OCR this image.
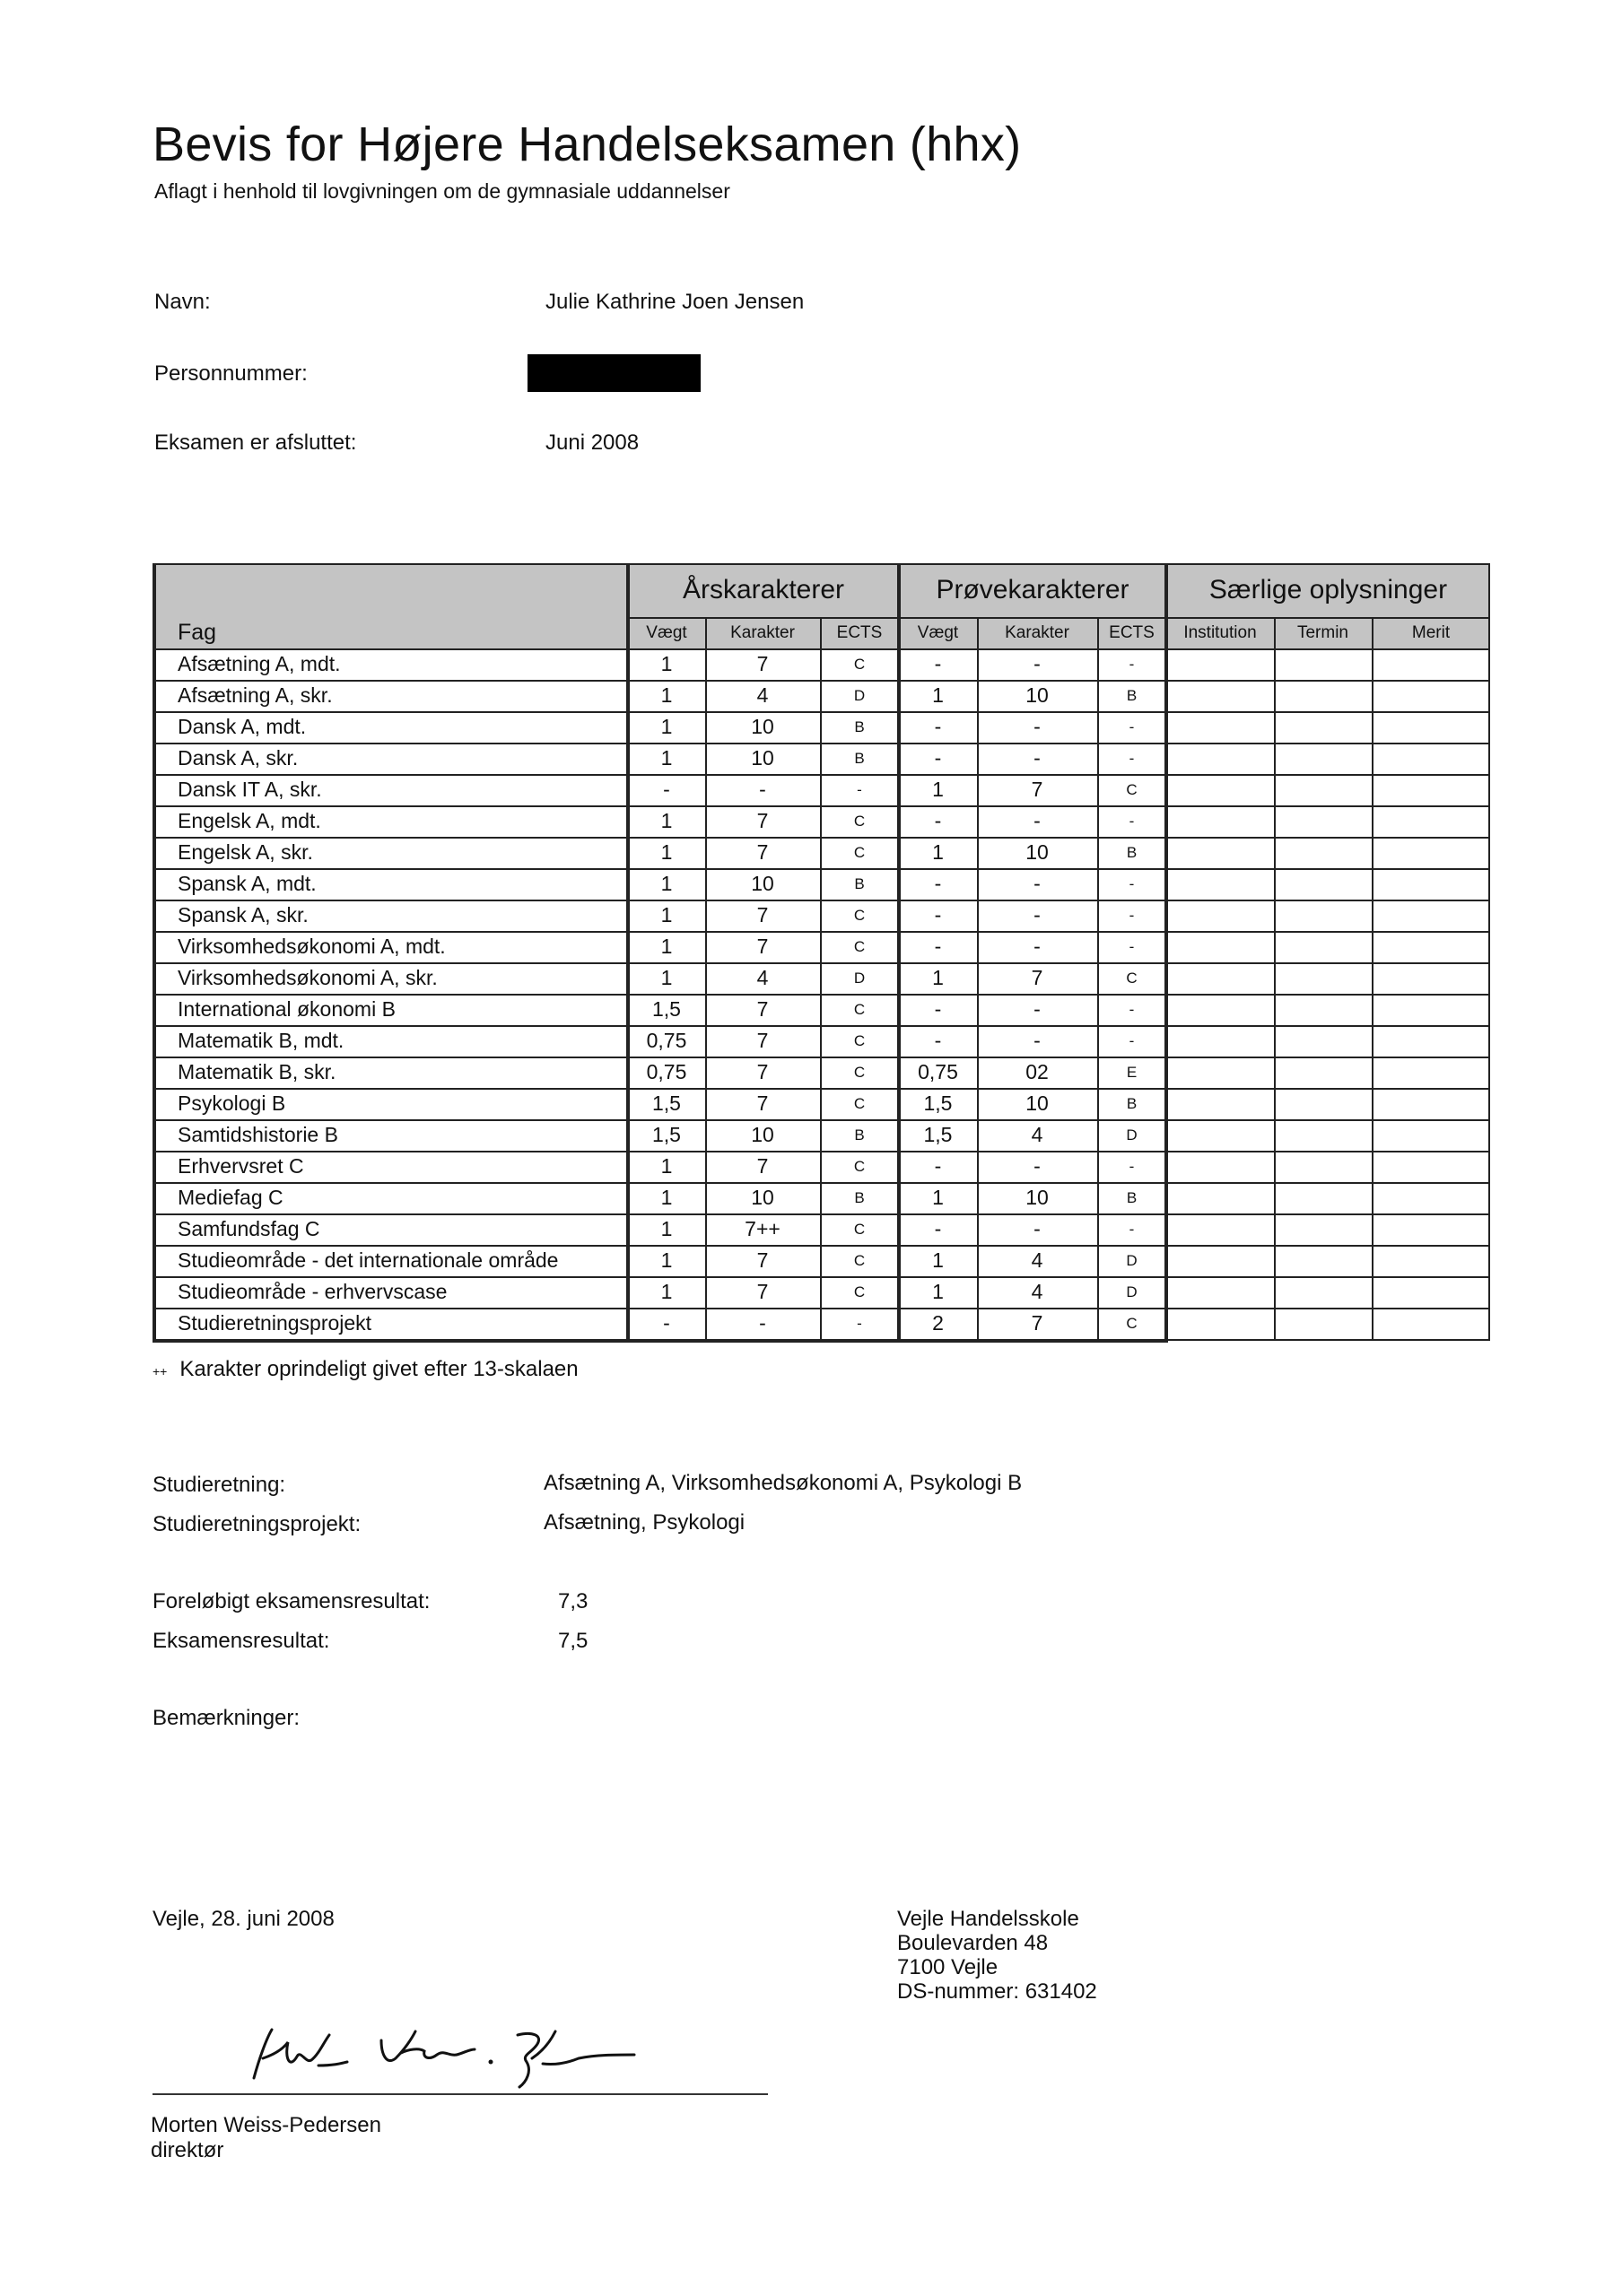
Bevis for Højere Handelseksamen (hhx)
Aflagt i henhold til lovgivningen om de gymnasiale uddannelser
Navn:	Julie Kathrine Joen Jensen
Personnummer:
Eksamen er afsluttet:	Juni 2008
Årskarakterer	Prøvekarakterer	Særlige oplysninger
Fag	Vægt	Karakter	ECTS	Vægt	Karakter	ECTS	Institution	Termin	Merit
Afsætning A, mdt.	1	7	C	-	-	-
Afsætning A, skr.	1	4	D	1	10	B
Dansk A, mdt.	1	10	B	-	-	-
Dansk A, skr.	1	10	B	-	-	-
Dansk IT A, skr.	-	-	-	1	7	C
Engelsk A, mdt.	1	7	C	-	-	-
Engelsk A, skr.	1	7	C	1	10	B
Spansk A, mdt.	1	10	B	-	-	-
Spansk A, skr.	1	7	C	-	-	-
Virksomhedsøkonomi A, mdt.	1	7	C	-	-	-
Virksomhedsøkonomi A, skr.	1	4	D	1	7	C
International økonomi B	1,5	7	C	-	-	-
Matematik B, mdt.	0,75	7	C	-	-	-
Matematik B, skr.	0,75	7	C	0,75	02	E
Psykologi B	1,5	7	C	1,5	10	B
Samtidshistorie B	1,5	10	B	1,5	4	D
Erhvervsret C	1	7	C	-	-	-
Mediefag C	1	10	B	1	10	B
Samfundsfag C	1	7++	C	-	-	-
Studieområde - det internationale område	1	7	C	1	4	D
Studieområde - erhvervscase	1	7	C	1	4	D
Studieretningsprojekt	-	-	-	2	7	C
++ Karakter oprindeligt givet efter 13-skalaen
Studieretning:	Afsætning A, Virksomhedsøkonomi A, Psykologi B
Studieretningsprojekt:	Afsætning, Psykologi
Foreløbigt eksamensresultat:	7,3
Eksamensresultat:	7,5
Bemærkninger:
Vejle, 28. juni 2008	Vejle Handelsskole
Boulevarden 48
7100 Vejle
DS-nummer: 631402
Morten Weiss-Pedersen
direktør
